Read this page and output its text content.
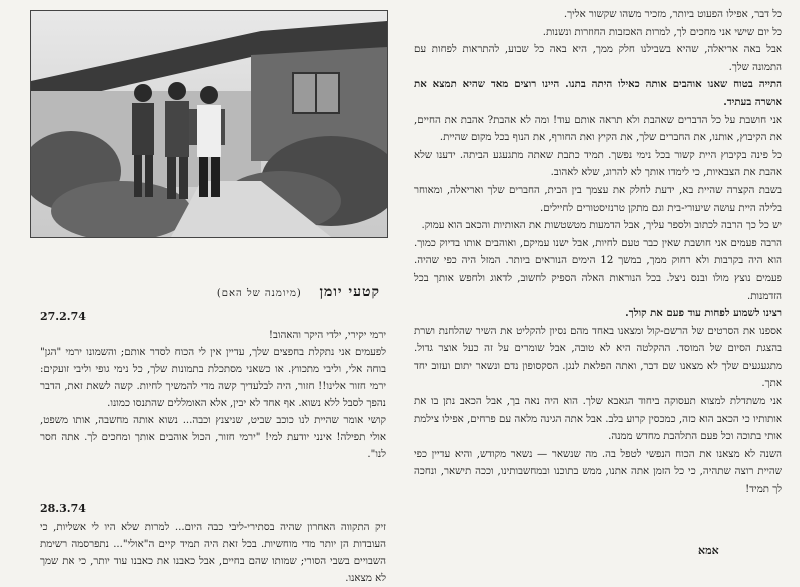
קטעי יומן   (מיומנה של האם)
27.2.74

ירמי יקירי, ילדי היקר והאהוב!

לפעמים אני נתקלת בחפצים שלך, עדיין אין לי הכוח לסדר אותם; והשמונו ירמי "הגן" בוחה אלי, וליבי מתכווץ. או כשאני מסתכלת בתמונות שלך, כל נימי גופי וליבי זועקים: ירמי חזור אלינו!! חזור, היה לבלעדיך קשה מדי להמשיך לחיות. קשה לשאת זאת, הדבר נהפך לסבל ללא נשוא. אף אחד לא יבין, אלא האומללים שהתנסו כמונו.

קושי אומר שהיית לנו כוכב שביט, שניצנץ וכבה... נשוא אותה מחשבה, אותו משפט, אולי תפילה! אינני יודעת למי! "ירמי חזור, הכול אוהבים אותך ומחכים לך. אתה חסר לנו".

28.3.74

זיק התקווה האחרון שהיה בסתירי-ליבי כבה היום... למרות שלא היו לי אשליות, כי העובדות הן יותר מדי מוחשיות. בכל זאת היה תמיד קיים ה"אולי"... נתפרסמה רשימת השבויים בשבי הסורי; שמותו שהם בחיים, אבל כאבנו את כאבנו עוד יותר, כי את שמך לא מצאנו.

כל דבר, אפילו הפעוט ביותר, מזכיר משהו שקשור אליך.

כל יום שישי אני מחכים לך, למרות האכזבות החוזרות ונשנות.

אבל באה אריאלה, שהיא בשבילנו חלק ממך, היא באה כל שבוע, להתראות לפחות עם התמונה שלך.

התייה בטוח שאנו אוהבים אותה כאילו היתה בתנו. היינו רוצים מאד שהיא תמצא את אושרה בעתיד.

אני חושבת על כל הדברים שאהבת ולא תראה אותם עוד! ומה לא אהבת? אהבת את החיים, את הקיבוץ, אותנו, את החברים שלך, את הקיץ ואת החורף, את הנוף בכל מקום שהיית.

כל פינה בקיבוץ היית קשור בכל נימי נפשך. תמיד כתבת שאתה מתגעגע הביתה. ידענו שלא אהבת את הצבאיות, כי לימדו אותך לא להרוג, שלא לאהוב.

בשבת הקצרה שהיית בא, ידעת לחלק את עצמך בין הבית, החברים שלך ואריאלה, ומאוחר בלילה היית עושה שיעורי-בית וגם מתקן טרנזיסטורים לחיילים.

יש כל כך הרבה לכתוב ולספר עליך, אבל הדמעות מטשטשות את האותיות והכאב הוא עמוק.

הרבה פעמים אני חושבת שאין כבר טעם לחיות, אבל ישנו עמיקם, ואוהבים אותו בדיוק כמוך. הוא היה בקרבות ולא רחוק ממך, במשך 12 הימים הנוראים ביותר. המזל היה כפי שהיה. פעמים נוצץ מולו ובנס ניצל. בכל הנוראות האלה הספיק לחשוב, לדאוג ולחפש אותך בכל הזדמנות.

רצינו לשמוע לפחות עוד פעם את קולך.

אספנו את הסרטים של הרשם-קול ומצאנו באחד מהם נסיון להקליט את השיר שהלחנת ושרת בהצגת הסיום של המוסד. ההקלטה היא לא טובה, אבל שומרים על זה כעל אוצר גדול. מתגעגעים שלך לא מצאנו שם דבר, ואתה הפלאת לנגן. הסקסופון נדם ונשאר יתום ועזוב יחד אתך.

אני משתדלת למצוא תעסוקה ביחוד הגאבא שלך. הוא היה נאה בך, אבל הכאב נתן בו את אותותיו כי הכאב הוא כזה, כמכסין קרוע בלב. אבל אתה הגינה מלאה עם פרחים, אפילו צילמת אותי בתוכה וכל פעם התלהבת מחדש ממנה.

השנה לא מצאנו את הכוח הנפשי לטפל בה. מה שנשאר — נשאר מקודש, והיא עדיין כפי שהיית רוצה שתהיה, כי כל הזמן אתה אתנו, ממש בתוכנו ובמחשבותינו, וככה תישאר, ונחכה לך תמיד!

אמא
